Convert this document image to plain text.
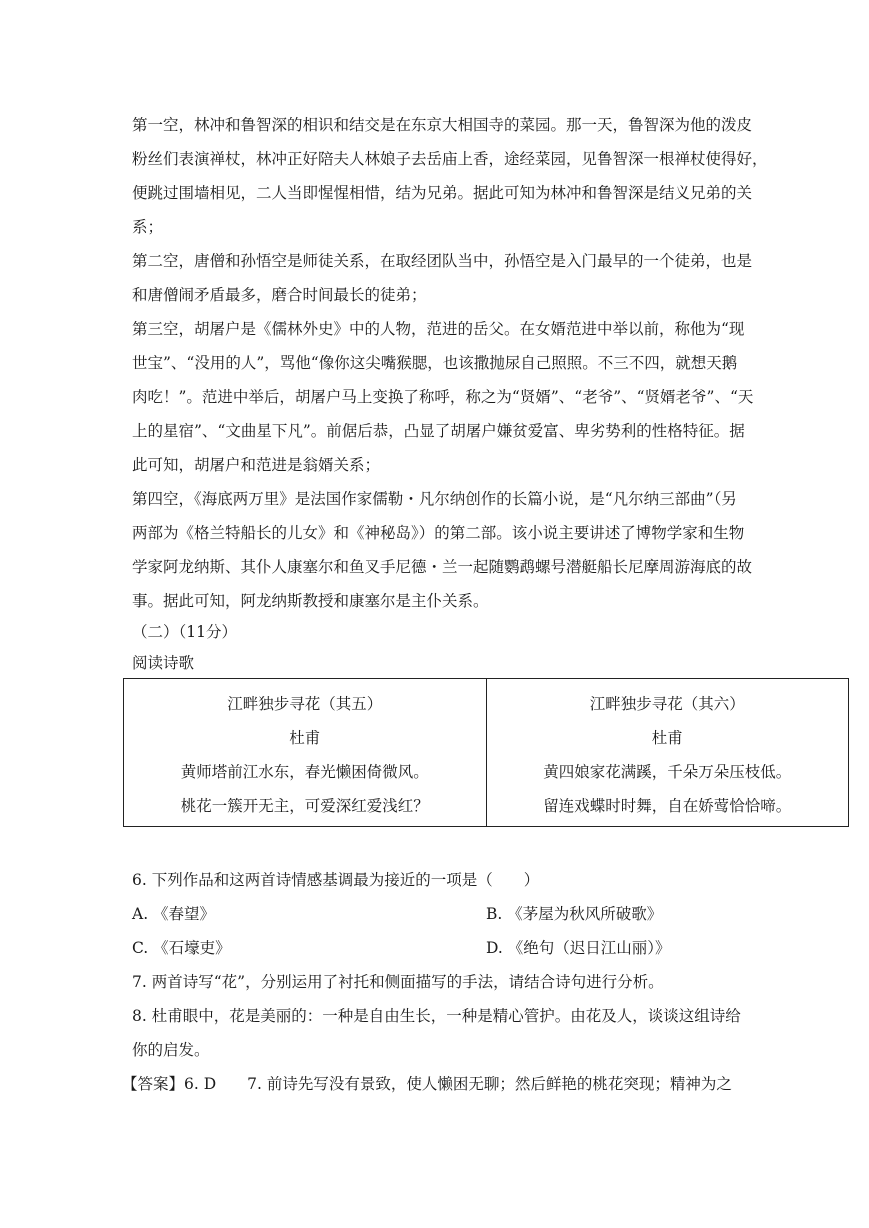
第一空，林冲和鲁智深的相识和结交是在东京大相国寺的菜园。那一天，鲁智深为他的泼皮
粉丝们表演禅杖，林冲正好陪夫人林娘子去岳庙上香，途经菜园，见鲁智深一根禅杖使得好，
便跳过围墙相见，二人当即惺惺相惜，结为兄弟。据此可知为林冲和鲁智深是结义兄弟的关
系；
第二空，唐僧和孙悟空是师徒关系，在取经团队当中，孙悟空是入门最早的一个徒弟，也是
和唐僧闹矛盾最多，磨合时间最长的徒弟；
第三空，胡屠户是《儒林外史》中的人物，范进的岳父。在女婿范进中举以前，称他为“现
世宝”、“没用的人”，骂他“像你这尖嘴猴腮，也该撒抛尿自己照照。不三不四，就想天鹅
肉吃！”。范进中举后，胡屠户马上变换了称呼，称之为“贤婿”、“老爷”、“贤婿老爷”、“天
上的星宿”、“文曲星下凡”。前倨后恭，凸显了胡屠户嫌贫爱富、卑劣势利的性格特征。据
此可知，胡屠户和范进是翁婿关系；
第四空，《海底两万里》是法国作家儒勒・凡尔纳创作的长篇小说，是“凡尔纳三部曲”（另
两部为《格兰特船长的儿女》和《神秘岛》）的第二部。该小说主要讲述了博物学家和生物
学家阿龙纳斯、其仆人康塞尔和鱼叉手尼德・兰一起随鹦鹉螺号潜艇船长尼摩周游海底的故
事。据此可知，阿龙纳斯教授和康塞尔是主仆关系。
（二）（11分）
阅读诗歌
江畔独步寻花（其五）
杜甫
黄师塔前江水东，春光懒困倚微风。
桃花一簇开无主，可爱深红爱浅红？
江畔独步寻花（其六）
杜甫
黄四娘家花满蹊，千朵万朵压枝低。
留连戏蝶时时舞，自在娇莺恰恰啼。
6. 下列作品和这两首诗情感基调最为接近的一项是（　　）
A. 《春望》	B. 《茅屋为秋风所破歌》
C. 《石壕吏》	D. 《绝句（迟日江山丽）》
7. 两首诗写“花”，分别运用了衬托和侧面描写的手法，请结合诗句进行分析。
8. 杜甫眼中，花是美丽的：一种是自由生长，一种是精心管护。由花及人，谈谈这组诗给
你的启发。
【答案】6. D　　7. 前诗先写没有景致，使人懒困无聊；然后鲜艳的桃花突现；精神为之
